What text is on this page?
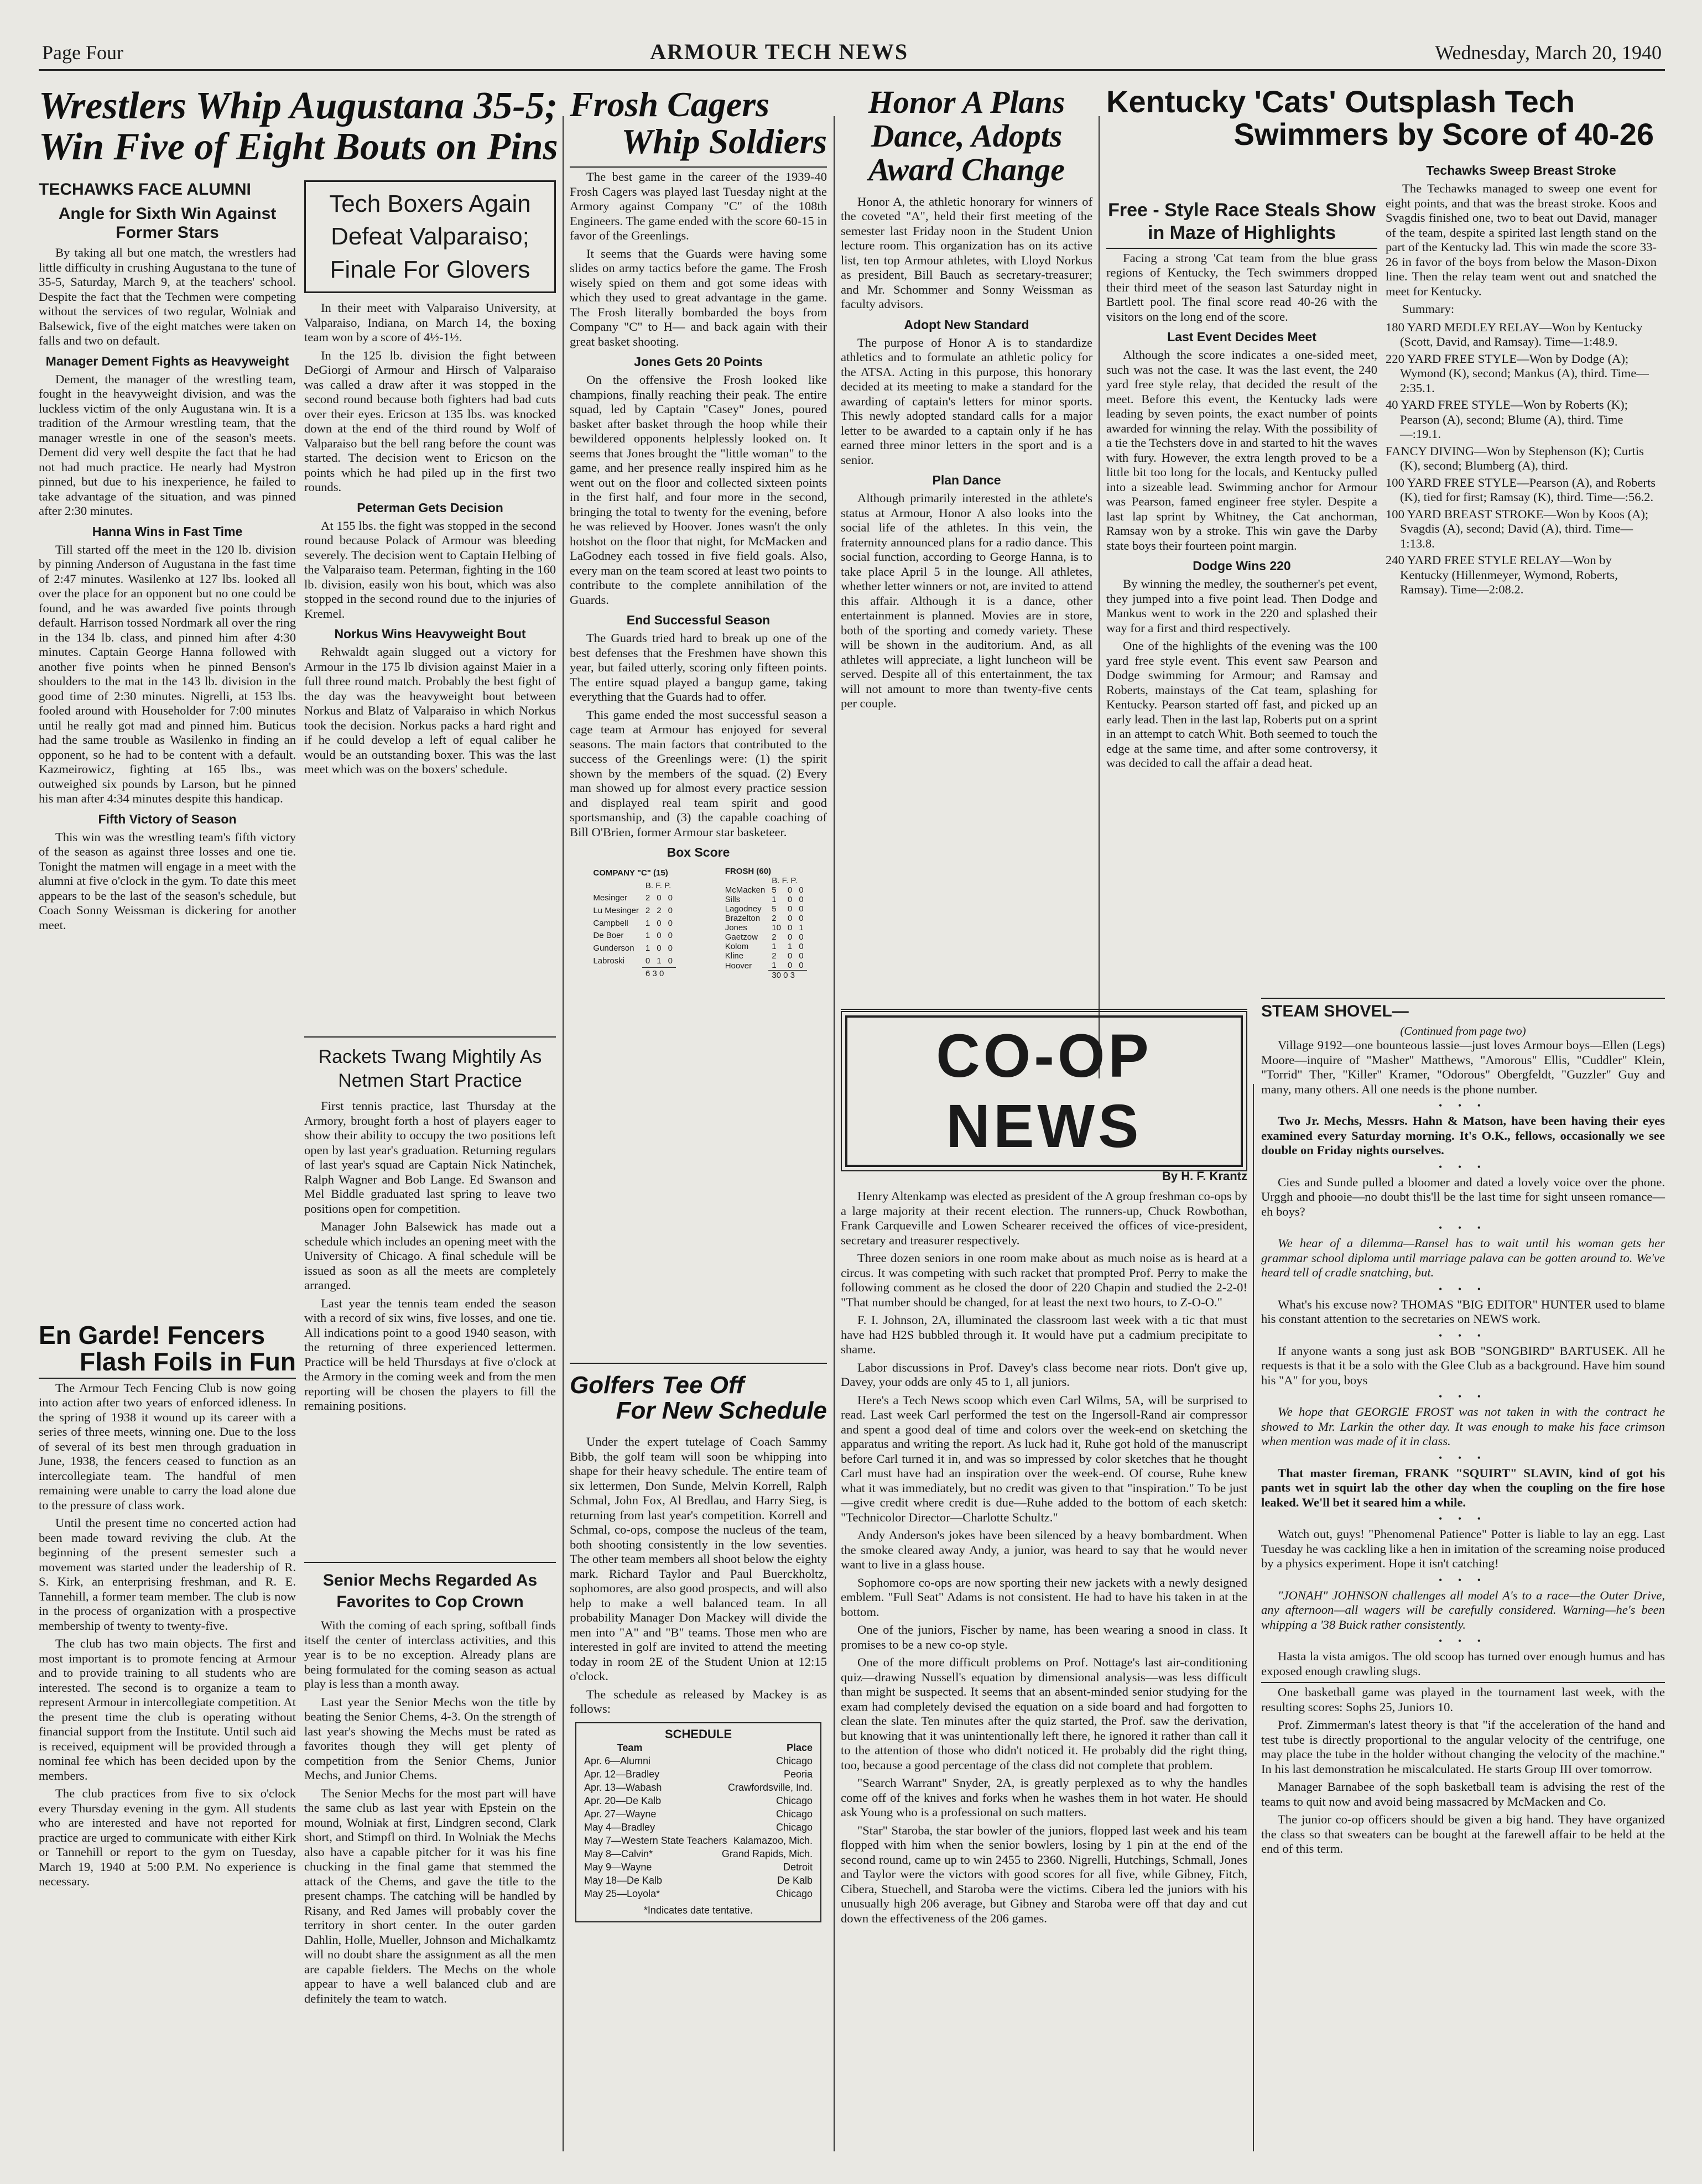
Page Four	ARMOUR TECH NEWS	Wednesday, March 20, 1940
Wrestlers Whip Augustana 35-5;
Win Five of Eight Bouts on Pins
TECHAWKS FACE ALUMNI
Angle for Sixth Win Against Former Stars

By taking all but one match, the wrestlers had little difficulty in crushing Augustana to the tune of 35-5, Saturday, March 9, at the teachers' school. Despite the fact that the Techmen were competing without the services of two regular, Wolniak and Balsewick, five of the eight matches were taken on falls and two on default.

Manager Dement Fights as Heavyweight

Dement, the manager of the wrestling team, fought in the heavyweight division, and was the luckless victim of the only Augustana win. It is a tradition of the Armour wrestling team, that the manager wrestle in one of the season's meets. Dement did very well despite the fact that he had not had much practice. He nearly had Mystron pinned, but due to his inexperience, he failed to take advantage of the situation, and was pinned after 2:30 minutes.

Hanna Wins in Fast Time

Till started off the meet in the 120 lb. division by pinning Anderson of Augustana in the fast time of 2:47 minutes. Wasilenko at 127 lbs. looked all over the place for an opponent but no one could be found, and he was awarded five points through default. Harrison tossed Nordmark all over the ring in the 134 lb. class, and pinned him after 4:30 minutes. Captain George Hanna followed with another five points when he pinned Benson's shoulders to the mat in the 143 lb. division in the good time of 2:30 minutes. Nigrelli, at 153 lbs. fooled around with Householder for 7:00 minutes until he really got mad and pinned him. Buticus had the same trouble as Wasilenko in finding an opponent, so he had to be content with a default. Kazmeirowicz, fighting at 165 lbs., was outweighed six pounds by Larson, but he pinned his man after 4:34 minutes despite this handicap.

Fifth Victory of Season

This win was the wrestling team's fifth victory of the season as against three losses and one tie. Tonight the matmen will engage in a meet with the alumni at five o'clock in the gym. To date this meet appears to be the last of the season's schedule, but Coach Sonny Weissman is dickering for another meet.

En Garde! Fencers
Flash Foils in Fun

The Armour Tech Fencing Club is now going into action after two years of enforced idleness. In the spring of 1938 it wound up its career with a series of three meets, winning one. Due to the loss of several of its best men through graduation in June, 1938, the fencers ceased to function as an intercollegiate team. The handful of men remaining were unable to carry the load alone due to the pressure of class work.

Until the present time no concerted action had been made toward reviving the club. At the beginning of the present semester such a movement was started under the leadership of R. S. Kirk, an enterprising freshman, and R. E. Tannehill, a former team member. The club is now in the process of organization with a prospective membership of twenty to twenty-five.

The club has two main objects. The first and most important is to promote fencing at Armour and to provide training to all students who are interested. The second is to organize a team to represent Armour in intercollegiate competition. At the present time the club is operating without financial support from the Institute. Until such aid is received, equipment will be provided through a nominal fee which has been decided upon by the members.

The club practices from five to six o'clock every Thursday evening in the gym. All students who are interested and have not reported for practice are urged to communicate with either Kirk or Tannehill or report to the gym on Tuesday, March 19, 1940 at 5:00 P.M. No experience is necessary.

Tech Boxers Again Defeat Valparaiso; Finale For Glovers

In their meet with Valparaiso University, at Valparaiso, Indiana, on March 14, the boxing team won by a score of 4½-1½.

In the 125 lb. division the fight between DeGiorgi of Armour and Hirsch of Valparaiso was called a draw after it was stopped in the second round because both fighters had bad cuts over their eyes. Ericson at 135 lbs. was knocked down at the end of the third round by Wolf of Valparaiso but the bell rang before the count was started. The decision went to Ericson on the points which he had piled up in the first two rounds.

Peterman Gets Decision

At 155 lbs. the fight was stopped in the second round because Polack of Armour was bleeding severely. The decision went to Captain Helbing of the Valparaiso team. Peterman, fighting in the 160 lb. division, easily won his bout, which was also stopped in the second round due to the injuries of Kremel.

Norkus Wins Heavyweight Bout

Rehwaldt again slugged out a victory for Armour in the 175 lb division against Maier in a full three round match. Probably the best fight of the day was the heavyweight bout between Norkus and Blatz of Valparaiso in which Norkus took the decision. Norkus packs a hard right and if he could develop a left of equal caliber he would be an outstanding boxer. This was the last meet which was on the boxers' schedule.

Rackets Twang Mightily As Netmen Start Practice

First tennis practice, last Thursday at the Armory, brought forth a host of players eager to show their ability to occupy the two positions left open by last year's graduation. Returning regulars of last year's squad are Captain Nick Natinchek, Ralph Wagner and Bob Lange. Ed Swanson and Mel Biddle graduated last spring to leave two positions open for competition.

Manager John Balsewick has made out a schedule which includes an opening meet with the University of Chicago. A final schedule will be issued as soon as all the meets are completely arranged.

Last year the tennis team ended the season with a record of six wins, five losses, and one tie. All indications point to a good 1940 season, with the returning of three experienced lettermen. Practice will be held Thursdays at five o'clock at the Armory in the coming week and from the men reporting will be chosen the players to fill the remaining positions.

Senior Mechs Regarded As Favorites to Cop Crown

With the coming of each spring, softball finds itself the center of interclass activities, and this year is to be no exception. Already plans are being formulated for the coming season as actual play is less than a month away.

Last year the Senior Mechs won the title by beating the Senior Chems, 4-3. On the strength of last year's showing the Mechs must be rated as favorites though they will get plenty of competition from the Senior Chems, Junior Mechs, and Junior Chems.

The Senior Mechs for the most part will have the same club as last year with Epstein on the mound, Wolniak at first, Lindgren second, Clark short, and Stimpfl on third. In Wolniak the Mechs also have a capable pitcher for it was his fine chucking in the final game that stemmed the attack of the Chems, and gave the title to the present champs. The catching will be handled by Risany, and Red James will probably cover the territory in short center. In the outer garden Dahlin, Holle, Mueller, Johnson and Michalkamtz will no doubt share the assignment as all the men are capable fielders. The Mechs on the whole appear to have a well balanced club and are definitely the team to watch.

Frosh Cagers
Whip Soldiers

The best game in the career of the 1939-40 Frosh Cagers was played last Tuesday night at the Armory against Company "C" of the 108th Engineers. The game ended with the score 60-15 in favor of the Greenlings.

It seems that the Guards were having some slides on army tactics before the game. The Frosh wisely spied on them and got some ideas with which they used to great advantage in the game. The Frosh literally bombarded the boys from Company "C" to H— and back again with their great basket shooting.

Jones Gets 20 Points

On the offensive the Frosh looked like champions, finally reaching their peak. The entire squad, led by Captain "Casey" Jones, poured basket after basket through the hoop while their bewildered opponents helplessly looked on. It seems that Jones brought the "little woman" to the game, and her presence really inspired him as he went out on the floor and collected sixteen points in the first half, and four more in the second, bringing the total to twenty for the evening, before he was relieved by Hoover. Jones wasn't the only hotshot on the floor that night, for McMacken and LaGodney each tossed in five field goals. Also, every man on the team scored at least two points to contribute to the complete annihilation of the Guards.

End Successful Season

The Guards tried hard to break up one of the best defenses that the Freshmen have shown this year, but failed utterly, scoring only fifteen points. The entire squad played a bangup game, taking everything that the Guards had to offer.

This game ended the most successful season a cage team at Armour has enjoyed for several seasons. The main factors that contributed to the success of the Greenlings were: (1) the spirit shown by the members of the squad. (2) Every man showed up for almost every practice session and displayed real team spirit and good sportsmanship, and (3) the capable coaching of Bill O'Brien, former Armour star basketeer.

Box Score
COMPANY "C" (15)			
	B. F. P.		
Mesinger	2	0	0
Lu Mesinger	2	2	0
Campbell	1	0	0
De Boer	1	0	0
Gunderson	1	0	0
Labroski	0	1	0
	6 3 0		
FROSH (60)			
	B. F. P.		
McMacken	5	0	0
Sills	1	0	0
Lagodney	5	0	0
Brazelton	2	0	0
Jones	10	0	1
Gaetzow	2	0	0
Kolom	1	1	0
Kline	2	0	0
Hoover	1	0	0
	30 0 3		
Golfers Tee Off
For New Schedule

Under the expert tutelage of Coach Sammy Bibb, the golf team will soon be whipping into shape for their heavy schedule. The entire team of six lettermen, Don Sunde, Melvin Korrell, Ralph Schmal, John Fox, Al Bredlau, and Harry Sieg, is returning from last year's competition. Korrell and Schmal, co-ops, compose the nucleus of the team, both shooting consistently in the low seventies. The other team members all shoot below the eighty mark. Richard Taylor and Paul Buerckholtz, sophomores, are also good prospects, and will also help to make a well balanced team. In all probability Manager Don Mackey will divide the men into "A" and "B" teams. Those men who are interested in golf are invited to attend the meeting today in room 2E of the Student Union at 12:15 o'clock.

The schedule as released by Mackey is as follows:

SCHEDULE
Team	Place
Apr. 6—Alumni	Chicago
Apr. 12—Bradley	Peoria
Apr. 13—Wabash	Crawfordsville, Ind.
Apr. 20—De Kalb	Chicago
Apr. 27—Wayne	Chicago
May 4—Bradley	Chicago
May 7—Western State Teachers Kalamazoo, Mich.
May 8—Calvin*	Grand Rapids, Mich.
May 9—Wayne	Detroit
May 18—De Kalb	De Kalb
May 25—Loyola*	Chicago
*Indicates date tentative.
Honor A Plans Dance, Adopts Award Change

Honor A, the athletic honorary for winners of the coveted "A", held their first meeting of the semester last Friday noon in the Student Union lecture room. This organization has on its active list, ten top Armour athletes, with Lloyd Norkus as president, Bill Bauch as secretary-treasurer; and Mr. Schommer and Sonny Weissman as faculty advisors.

Adopt New Standard

The purpose of Honor A is to standardize athletics and to formulate an athletic policy for the ATSA. Acting in this purpose, this honorary decided at its meeting to make a standard for the awarding of captain's letters for minor sports. This newly adopted standard calls for a major letter to be awarded to a captain only if he has earned three minor letters in the sport and is a senior.

Plan Dance

Although primarily interested in the athlete's status at Armour, Honor A also looks into the social life of the athletes. In this vein, the fraternity announced plans for a radio dance. This social function, according to George Hanna, is to take place April 5 in the lounge. All athletes, whether letter winners or not, are invited to attend this affair. Although it is a dance, other entertainment is planned. Movies are in store, both of the sporting and comedy variety. These will be shown in the auditorium. And, as all athletes will appreciate, a light luncheon will be served. Despite all of this entertainment, the tax will not amount to more than twenty-five cents per couple.

Kentucky 'Cats' Outsplash Tech
Swimmers by Score of 40-26
Free - Style Race Steals Show in Maze of Highlights

Facing a strong 'Cat team from the blue grass regions of Kentucky, the Tech swimmers dropped their third meet of the season last Saturday night in Bartlett pool. The final score read 40-26 with the visitors on the long end of the score.

Last Event Decides Meet

Although the score indicates a one-sided meet, such was not the case. It was the last event, the 240 yard free style relay, that decided the result of the meet. Before this event, the Kentucky lads were leading by seven points, the exact number of points awarded for winning the relay. With the possibility of a tie the Techsters dove in and started to hit the waves with fury. However, the extra length proved to be a little bit too long for the locals, and Kentucky pulled into a sizeable lead. Swimming anchor for Armour was Pearson, famed engineer free styler. Despite a last lap sprint by Whitney, the Cat anchorman, Ramsay won by a stroke. This win gave the Darby state boys their fourteen point margin.

Dodge Wins 220

By winning the medley, the southerner's pet event, they jumped into a five point lead. Then Dodge and Mankus went to work in the 220 and splashed their way for a first and third respectively.

One of the highlights of the evening was the 100 yard free style event. This event saw Pearson and Dodge swimming for Armour; and Ramsay and Roberts, mainstays of the Cat team, splashing for Kentucky. Pearson started off fast, and picked up an early lead. Then in the last lap, Roberts put on a sprint in an attempt to catch Whit. Both seemed to touch the edge at the same time, and after some controversy, it was decided to call the affair a dead heat.

Techawks Sweep Breast Stroke

The Techawks managed to sweep one event for eight points, and that was the breast stroke. Koos and Svagdis finished one, two to beat out David, manager of the team, despite a spirited last length stand on the part of the Kentucky lad. This win made the score 33-26 in favor of the boys from below the Mason-Dixon line. Then the relay team went out and snatched the meet for Kentucky.

Summary:

180 YARD MEDLEY RELAY—Won by Kentucky (Scott, David, and Ramsay). Time—1:48.9.
220 YARD FREE STYLE—Won by Dodge (A); Wymond (K), second; Mankus (A), third. Time—2:35.1.
40 YARD FREE STYLE—Won by Roberts (K); Pearson (A), second; Blume (A), third. Time—:19.1.
FANCY DIVING—Won by Stephenson (K); Curtis (K), second; Blumberg (A), third.
100 YARD FREE STYLE—Pearson (A), and Roberts (K), tied for first; Ramsay (K), third. Time—:56.2.
100 YARD BREAST STROKE—Won by Koos (A); Svagdis (A), second; David (A), third. Time—1:13.8.
240 YARD FREE STYLE RELAY—Won by Kentucky (Hillenmeyer, Wymond, Roberts, Ramsay). Time—2:08.2.
CO-OP NEWS
By H. F. Krantz

Henry Altenkamp was elected as president of the A group freshman co-ops by a large majority at their recent election. The runners-up, Chuck Rowbothan, Frank Carqueville and Lowen Schearer received the offices of vice-president, secretary and treasurer respectively.

Three dozen seniors in one room make about as much noise as is heard at a circus. It was competing with such racket that prompted Prof. Perry to make the following comment as he closed the door of 220 Chapin and studied the 2-2-0! "That number should be changed, for at least the next two hours, to Z-O-O."

F. I. Johnson, 2A, illuminated the classroom last week with a tic that must have had H2S bubbled through it. It would have put a cadmium precipitate to shame.

Labor discussions in Prof. Davey's class become near riots. Don't give up, Davey, your odds are only 45 to 1, all juniors.

Here's a Tech News scoop which even Carl Wilms, 5A, will be surprised to read. Last week Carl performed the test on the Ingersoll-Rand air compressor and spent a good deal of time and colors over the week-end on sketching the apparatus and writing the report. As luck had it, Ruhe got hold of the manuscript before Carl turned it in, and was so impressed by color sketches that he thought Carl must have had an inspiration over the week-end. Of course, Ruhe knew what it was immediately, but no credit was given to that "inspiration." To be just—give credit where credit is due—Ruhe added to the bottom of each sketch: "Technicolor Director—Charlotte Schultz."

Andy Anderson's jokes have been silenced by a heavy bombardment. When the smoke cleared away Andy, a junior, was heard to say that he would never want to live in a glass house.

Sophomore co-ops are now sporting their new jackets with a newly designed emblem. "Full Seat" Adams is not consistent. He had to have his taken in at the bottom.

One of the juniors, Fischer by name, has been wearing a snood in class. It promises to be a new co-op style.

One of the more difficult problems on Prof. Nottage's last air-conditioning quiz—drawing Nussell's equation by dimensional analysis—was less difficult than might be suspected. It seems that an absent-minded senior studying for the exam had completely devised the equation on a side board and had forgotten to clean the slate. Ten minutes after the quiz started, the Prof. saw the derivation, but knowing that it was unintentionally left there, he ignored it rather than call it to the attention of those who didn't noticed it. He probably did the right thing, too, because a good percentage of the class did not complete that problem.

"Search Warrant" Snyder, 2A, is greatly perplexed as to why the handles come off of the knives and forks when he washes them in hot water. He should ask Young who is a professional on such matters.

"Star" Staroba, the star bowler of the juniors, flopped last week and his team flopped with him when the senior bowlers, losing by 1 pin at the end of the second round, came up to win 2455 to 2360. Nigrelli, Hutchings, Schmall, Jones and Taylor were the victors with good scores for all five, while Gibney, Fitch, Cibera, Stuechell, and Staroba were the victims. Cibera led the juniors with his unusually high 206 average, but Gibney and Staroba were off that day and cut down the effectiveness of the 206 games.

STEAM SHOVEL—
(Continued from page two)

Village 9192—one bounteous lassie—just loves Armour boys—Ellen (Legs) Moore—inquire of "Masher" Matthews, "Amorous" Ellis, "Cuddler" Klein, "Torrid" Ther, "Killer" Kramer, "Odorous" Obergfeldt, "Guzzler" Guy and many, many others. All one needs is the phone number.

• • •

Two Jr. Mechs, Messrs. Hahn & Matson, have been having their eyes examined every Saturday morning. It's O.K., fellows, occasionally we see double on Friday nights ourselves.

• • •

Cies and Sunde pulled a bloomer and dated a lovely voice over the phone. Urggh and phooie—no doubt this'll be the last time for sight unseen romance—eh boys?

• • •

We hear of a dilemma—Ransel has to wait until his woman gets her grammar school diploma until marriage palava can be gotten around to. We've heard tell of cradle snatching, but.

• • •

What's his excuse now? THOMAS "BIG EDITOR" HUNTER used to blame his constant attention to the secretaries on NEWS work.

• • •

If anyone wants a song just ask BOB "SONGBIRD" BARTUSEK. All he requests is that it be a solo with the Glee Club as a background. Have him sound his "A" for you, boys

• • •

We hope that GEORGIE FROST was not taken in with the contract he showed to Mr. Larkin the other day. It was enough to make his face crimson when mention was made of it in class.

• • •

That master fireman, FRANK "SQUIRT" SLAVIN, kind of got his pants wet in squirt lab the other day when the coupling on the fire hose leaked. We'll bet it seared him a while.

• • •

Watch out, guys! "Phenomenal Patience" Potter is liable to lay an egg. Last Tuesday he was cackling like a hen in imitation of the screaming noise produced by a physics experiment. Hope it isn't catching!

• • •

"JONAH" JOHNSON challenges all model A's to a race—the Outer Drive, any afternoon—all wagers will be carefully considered. Warning—he's been whipping a '38 Buick rather consistently.

• • •

Hasta la vista amigos. The old scoop has turned over enough humus and has exposed enough crawling slugs.

One basketball game was played in the tournament last week, with the resulting scores: Sophs 25, Juniors 10.

Prof. Zimmerman's latest theory is that "if the acceleration of the hand and test tube is directly proportional to the angular velocity of the centrifuge, one may place the tube in the holder without changing the velocity of the machine." In his last demonstration he miscalculated. He starts Group III over tomorrow.

Manager Barnabee of the soph basketball team is advising the rest of the teams to quit now and avoid being massacred by McMacken and Co.

The junior co-op officers should be given a big hand. They have organized the class so that sweaters can be bought at the farewell affair to be held at the end of this term.
